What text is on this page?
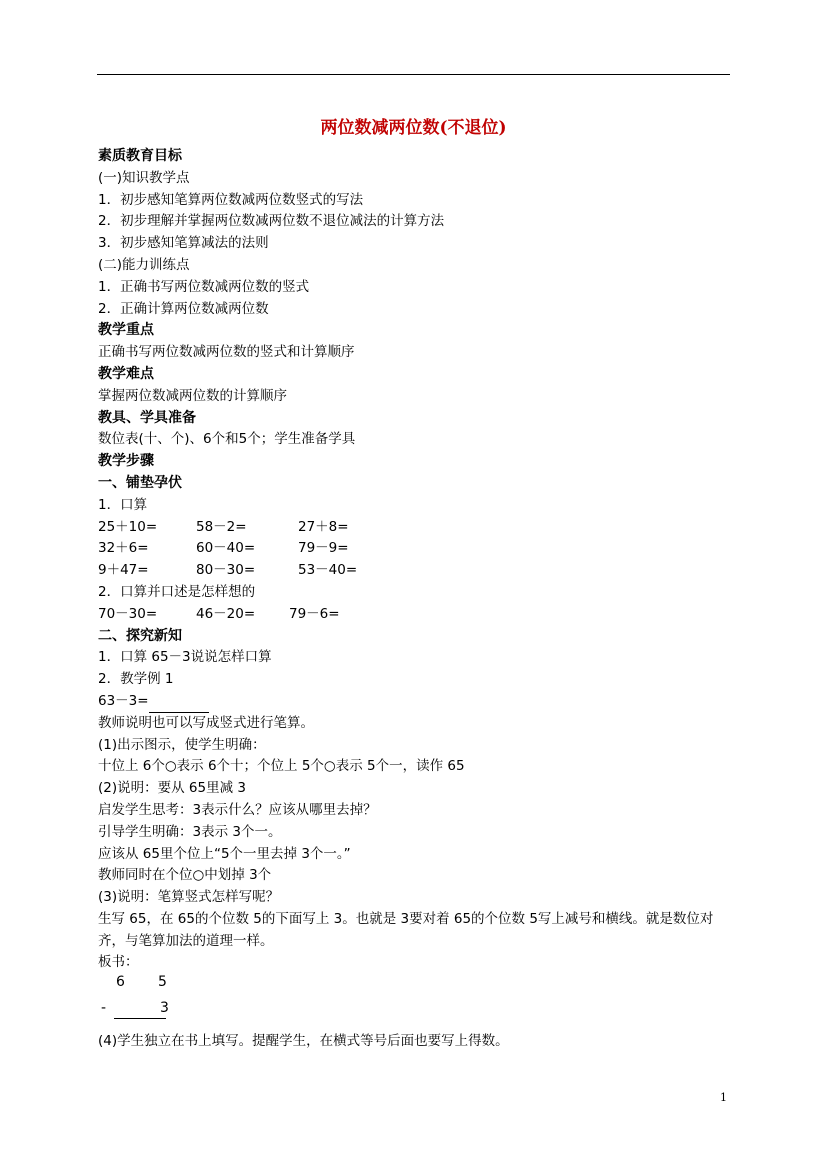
两位数减两位数(不退位)
素质教育目标
(一)知识教学点
1．初步感知笔算两位数减两位数竖式的写法
2．初步理解并掌握两位数减两位数不退位减法的计算方法
3．初步感知笔算减法的法则
(二)能力训练点
1．正确书写两位数减两位数的竖式
2．正确计算两位数减两位数
教学重点
正确书写两位数减两位数的竖式和计算顺序
教学难点
掌握两位数减两位数的计算顺序
教具、学具准备
数位表(十、个)、6个和5个；学生准备学具
教学步骤
一、铺垫孕伏
1．口算
25＋10=	58－2=	27＋8=
32＋6=	60－40=	79－9=
9＋47=	80－30=	53－40=
2．口算并口述是怎样想的
70－30=	46－20=	79－6=
二、探究新知
1．口算 65－3说说怎样口算
2．教学例 1
63－3=
教师说明也可以写成竖式进行笔算。
(1)出示图示，使学生明确：
十位上 6个○表示 6个十；个位上 5个○表示 5个一，读作 65
(2)说明：要从 65里减 3
启发学生思考：3表示什么？应该从哪里去掉？
引导学生明确：3表示 3个一。
应该从 65里个位上“5个一里去掉 3个一。”
教师同时在个位○中划掉 3个
(3)说明：笔算竖式怎样写呢？
生写 65，在 65的个位数 5的下面写上 3。也就是 3要对着 65的个位数 5写上减号和横线。就是数位对齐，与笔算加法的道理一样。
板书：
6 5
-	3
(4)学生独立在书上填写。提醒学生，在横式等号后面也要写上得数。
1
